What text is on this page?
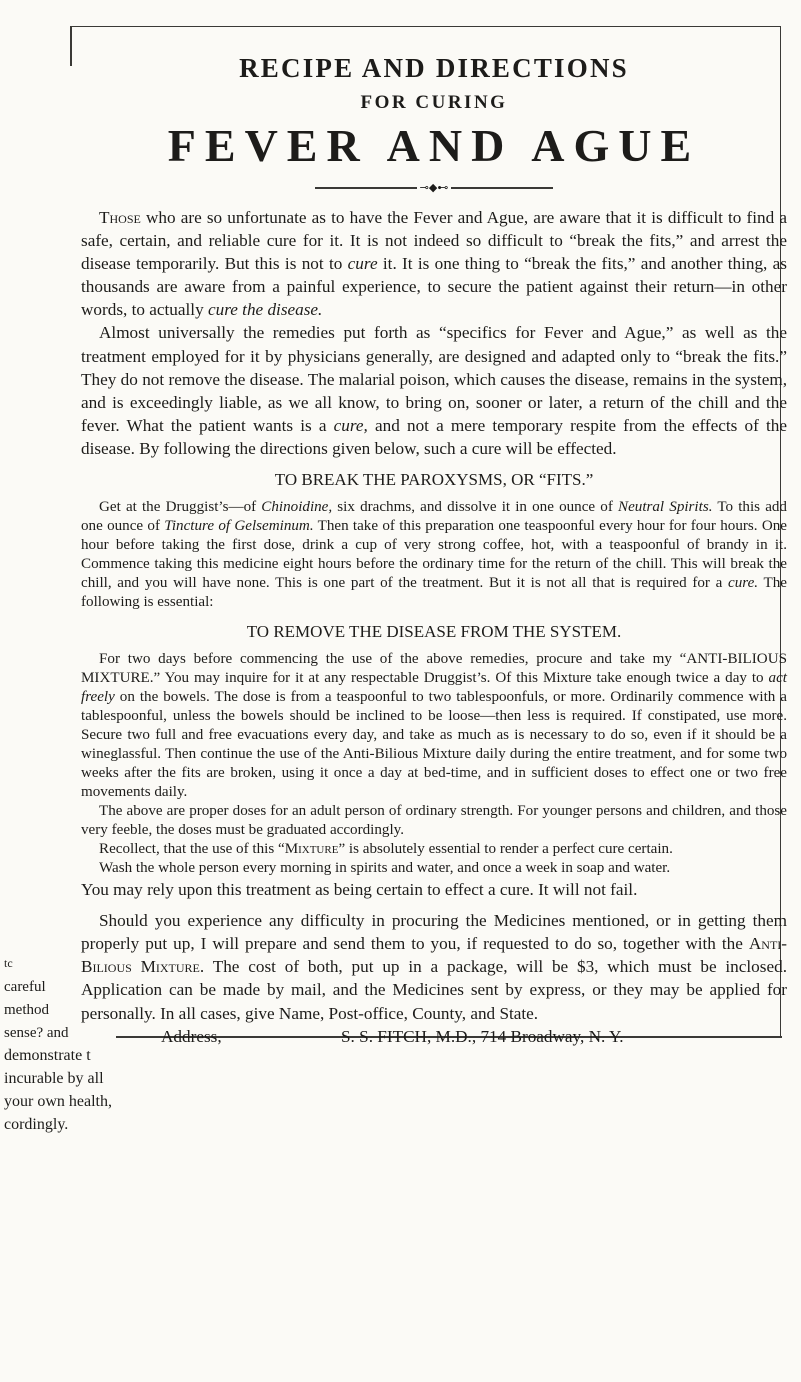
RECIPE AND DIRECTIONS
FOR CURING
FEVER AND AGUE
⊸◆⊷

Those who are so unfortunate as to have the Fever and Ague, are aware that it is difficult to find a safe, certain, and reliable cure for it. It is not indeed so difficult to “break the fits,” and arrest the disease temporarily. But this is not to cure it. It is one thing to “break the fits,” and another thing, as thousands are aware from a painful experience, to secure the patient against their return—in other words, to actually cure the disease.

Almost universally the remedies put forth as “specifics for Fever and Ague,” as well as the treatment employed for it by physicians generally, are designed and adapted only to “break the fits.” They do not remove the disease. The malarial poison, which causes the disease, remains in the system, and is exceedingly liable, as we all know, to bring on, sooner or later, a return of the chill and the fever. What the patient wants is a cure, and not a mere temporary respite from the effects of the disease. By following the directions given below, such a cure will be effected.

TO BREAK THE PAROXYSMS, OR “FITS.”

Get at the Druggist’s—of Chinoidine, six drachms, and dissolve it in one ounce of Neutral Spirits. To this add one ounce of Tincture of Gelseminum. Then take of this preparation one teaspoonful every hour for four hours. One hour before taking the first dose, drink a cup of very strong coffee, hot, with a teaspoonful of brandy in it. Commence taking this medicine eight hours before the ordinary time for the return of the chill. This will break the chill, and you will have none. This is one part of the treatment. But it is not all that is required for a cure. The following is essential:

TO REMOVE THE DISEASE FROM THE SYSTEM.

For two days before commencing the use of the above remedies, procure and take my “ANTI-BILIOUS MIXTURE.” You may inquire for it at any respectable Druggist’s. Of this Mixture take enough twice a day to act freely on the bowels. The dose is from a teaspoonful to two tablespoonfuls, or more. Ordinarily commence with a tablespoonful, unless the bowels should be inclined to be loose—then less is required. If constipated, use more. Secure two full and free evacuations every day, and take as much as is necessary to do so, even if it should be a wineglassful. Then continue the use of the Anti-Bilious Mixture daily during the entire treatment, and for some two weeks after the fits are broken, using it once a day at bed-time, and in sufficient doses to effect one or two free movements daily.

The above are proper doses for an adult person of ordinary strength. For younger persons and children, and those very feeble, the doses must be graduated accordingly.

Recollect, that the use of this “Mixture” is absolutely essential to render a perfect cure certain.

Wash the whole person every morning in spirits and water, and once a week in soap and water.

You may rely upon this treatment as being certain to effect a cure. It will not fail.

Should you experience any difficulty in procuring the Medicines mentioned, or in getting them properly put up, I will prepare and send them to you, if requested to do so, together with the Anti-Bilious Mixture. The cost of both, put up in a package, will be $3, which must be inclosed. Application can be made by mail, and the Medicines sent by express, or they may be applied for personally. In all cases, give Name, Post-office, County, and State.

Address,	S. S. FITCH, M.D., 714 Broadway, N. Y.
tc
careful
method
sense? and
demonstrate t
incurable by all
your own health,
cordingly.
